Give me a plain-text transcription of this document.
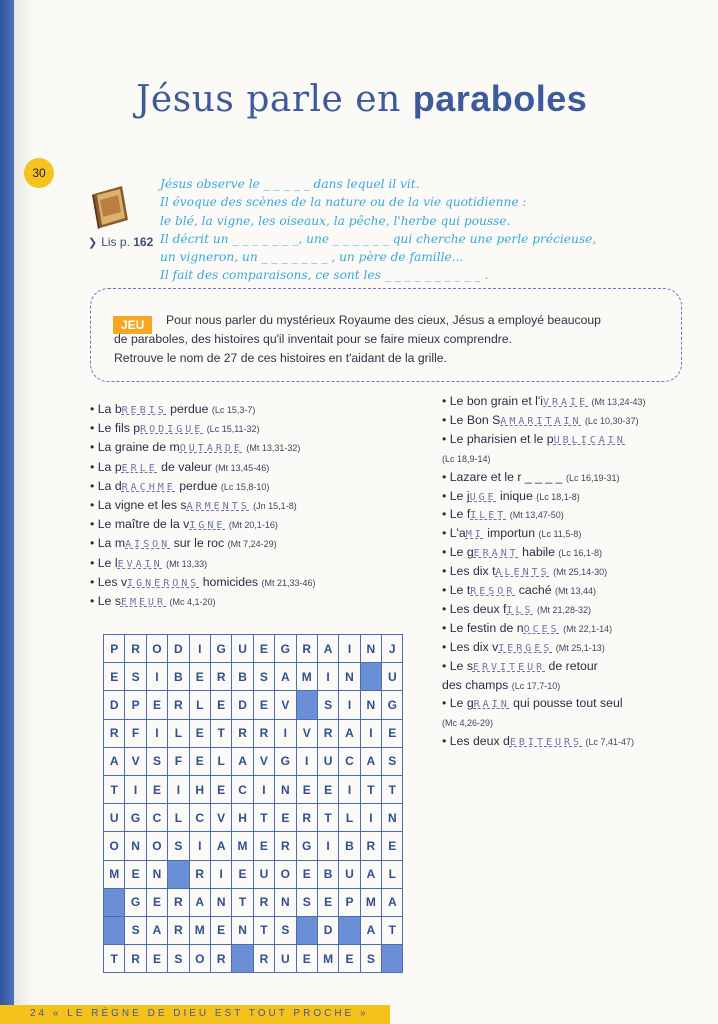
Jésus parle en paraboles
30
❯ Lis p. 162
Jésus observe le _ _ _ _ _ dans lequel il vit.
Il évoque des scènes de la nature ou de la vie quotidienne :
le blé, la vigne, les oiseaux, la pêche, l'herbe qui pousse.
Il décrit un _ _ _ _ _ _ _, une _ _ _ _ _ _ qui cherche une perle précieuse,
un vigneron, un _ _ _ _ _ _ _ , un père de famille...
Il fait des comparaisons, ce sont les _ _ _ _ _ _ _ _ _ _ .
JEU	Pour nous parler du mystérieux Royaume des cieux, Jésus a employé beaucoup
de paraboles, des histoires qu'il inventait pour se faire mieux comprendre.
Retrouve le nom de 27 de ces histoires en t'aidant de la grille.
• La bREBIS perdue (Lc 15,3-7)
• Le fils pRODIGUE (Lc 15,11-32)
• La graine de mOUTARDE (Mt 13,31-32)
• La pERLE de valeur (Mt 13,45-46)
• La dRACHME perdue (Lc 15,8-10)
• La vigne et les sARMENTS (Jn 15,1-8)
• Le maître de la vIGNE (Mt 20,1-16)
• La mAISON sur le roc (Mt 7,24-29)
• Le lEVAIN (Mt 13,33)
• Les vIGNERONS homicides (Mt 21,33-46)
• Le sEMEUR (Mc 4,1-20)
• Le bon grain et l'iVRAIE (Mt 13,24-43)
• Le Bon SAMARITAIN (Lc 10,30-37)
• Le pharisien et le pUBLICAIN
(Lc 18,9-14)
• Lazare et le r _ _ _ _ (Lc 16,19-31)
• Le jUGE inique (Lc 18,1-8)
• Le fILET (Mt 13,47-50)
• L'aMI importun (Lc 11,5-8)
• Le gERANT habile (Lc 16,1-8)
• Les dix tALENTS (Mt 25,14-30)
• Le tRESOR caché (Mt 13,44)
• Les deux fILS (Mt 21,28-32)
• Le festin de nOCES (Mt 22,1-14)
• Les dix vIERGES (Mt 25,1-13)
• Le sERVITEUR de retour
des champs (Lc 17,7-10)
• Le gRAIN qui pousse tout seul
(Mc 4,26-29)
• Les deux dEBITEURS (Lc 7,41-47)
P	R	O	D	I	G	U	E	G	R	A	I	N	J
E	S	I	B	E	R	B	S	A	M	I	N		U
D	P	E	R	L	E	D	E	V		S	I	N	G
R	F	I	L	E	T	R	R	I	V	R	A	I	E
A	V	S	F	E	L	A	V	G	I	U	C	A	S
T	I	E	I	H	E	C	I	N	E	E	I	T	T
U	G	C	L	C	V	H	T	E	R	T	L	I	N
O	N	O	S	I	A	M	E	R	G	I	B	R	E
M	E	N		R	I	E	U	O	E	B	U	A	L
	G	E	R	A	N	T	R	N	S	E	P	M	A
	S	A	R	M	E	N	T	S		D		A	T
T	R	E	S	O	R		R	U	E	M	E	S	
24 « LE RÈGNE DE DIEU EST TOUT PROCHE »
